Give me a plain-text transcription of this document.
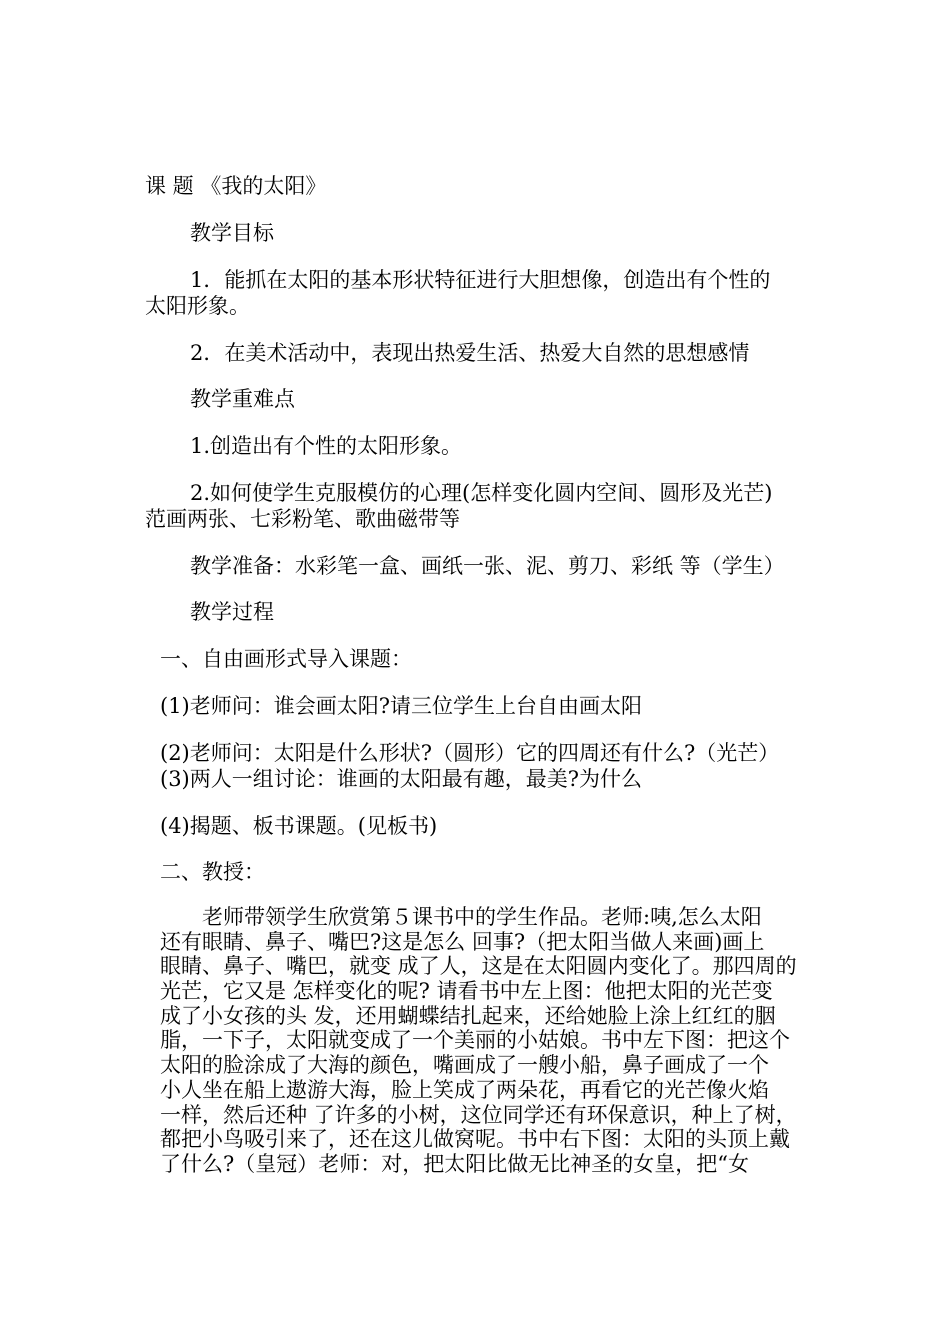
课 题 《我的太阳》

教学目标

1．能抓在太阳的基本形状特征进行大胆想像，创造出有个性的

太阳形象。

2．在美术活动中，表现出热爱生活、热爱大自然的思想感情

教学重难点

1.创造出有个性的太阳形象。

2.如何使学生克服模仿的心理(怎样变化圆内空间、圆形及光芒)

范画两张、七彩粉笔、歌曲磁带等

教学准备：水彩笔一盒、画纸一张、泥、剪刀、彩纸 等（学生）

教学过程

一、自由画形式导入课题：

(1)老师问：谁会画太阳?请三位学生上台自由画太阳

(2)老师问：太阳是什么形状?（圆形）它的四周还有什么?（光芒）

(3)两人一组讨论：谁画的太阳最有趣，最美?为什么

(4)揭题、板书课题。(见板书)

二、教授：

老师带领学生欣赏第５课书中的学生作品。老师:咦,怎么太阳
还有眼睛、鼻子、嘴巴?这是怎么 回事?（把太阳当做人来画)画上
眼睛、鼻子、嘴巴，就变 成了人，这是在太阳圆内变化了。那四周的
光芒，它又是 怎样变化的呢? 请看书中左上图：他把太阳的光芒变
成了小女孩的头 发，还用蝴蝶结扎起来，还给她脸上涂上红红的胭
脂，一下子，太阳就变成了一个美丽的小姑娘。书中左下图：把这个
太阳的脸涂成了大海的颜色，嘴画成了一艘小船，鼻子画成了一个
小人坐在船上遨游大海，脸上笑成了两朵花，再看它的光芒像火焰
一样，然后还种 了许多的小树，这位同学还有环保意识，种上了树，
都把小鸟吸引来了，还在这儿做窝呢。书中右下图：太阳的头顶上戴
了什么?（皇冠）老师：对，把太阳比做无比神圣的女皇，把“女
